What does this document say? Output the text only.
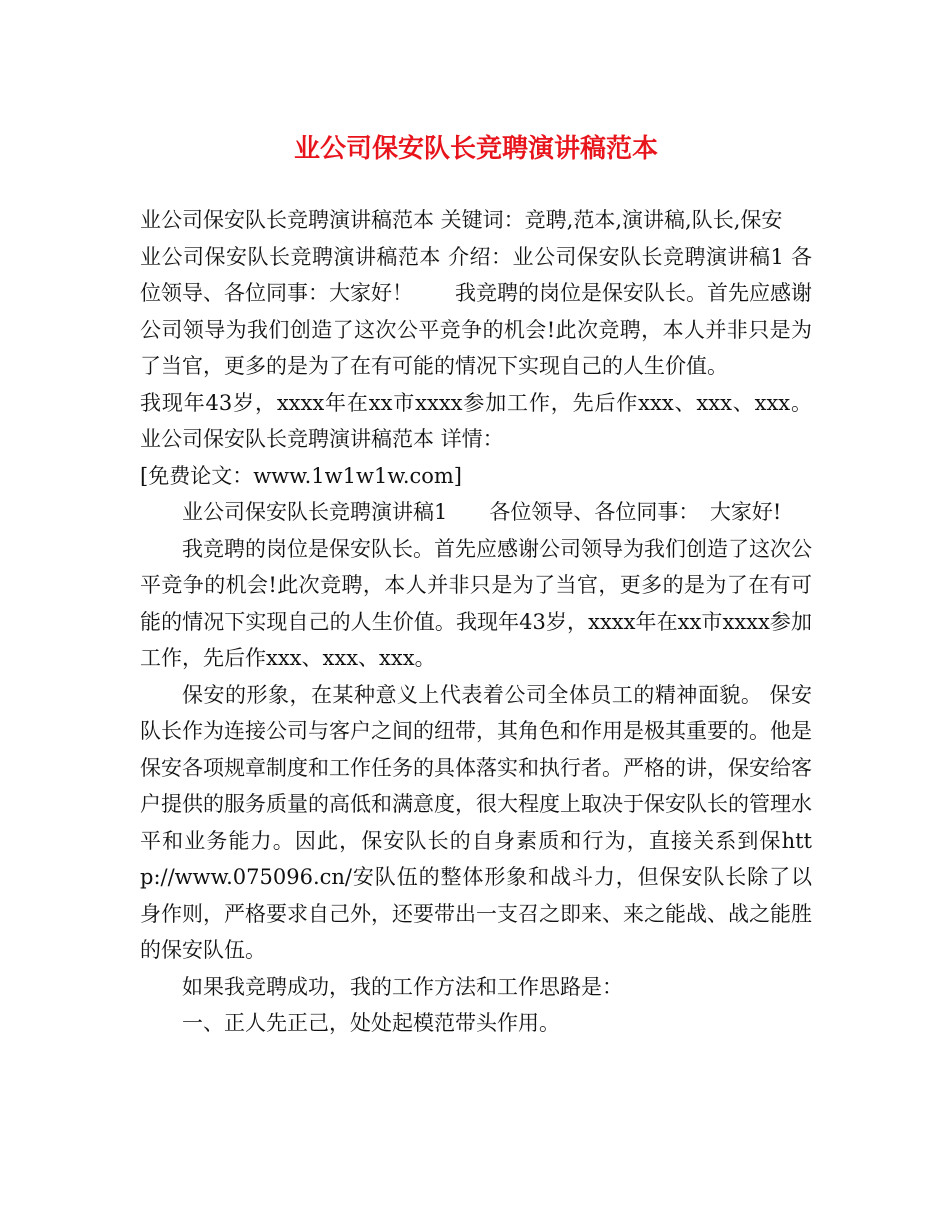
业公司保安队长竞聘演讲稿范本

业公司保安队长竞聘演讲稿范本 关键词：竞聘,范本,演讲稿,队长,保安

业公司保安队长竞聘演讲稿范本 介绍：业公司保安队长竞聘演讲稿1 各位领导、各位同事：大家好！　　我竞聘的岗位是保安队长。首先应感谢公司领导为我们创造了这次公平竞争的机会!此次竞聘，本人并非只是为了当官，更多的是为了在有可能的情况下实现自己的人生价值。

我现年43岁，xxxx年在xx市xxxx参加工作，先后作xxx、xxx、xxx。

业公司保安队长竞聘演讲稿范本 详情：

[免费论文：www.1w1w1w.com]

业公司保安队长竞聘演讲稿1　　各位领导、各位同事：　大家好!

我竞聘的岗位是保安队长。首先应感谢公司领导为我们创造了这次公平竞争的机会!此次竞聘，本人并非只是为了当官，更多的是为了在有可能的情况下实现自己的人生价值。我现年43岁，xxxx年在xx市xxxx参加工作，先后作xxx、xxx、xxx。

保安的形象，在某种意义上代表着公司全体员工的精神面貌。 保安队长作为连接公司与客户之间的纽带，其角色和作用是极其重要的。他是保安各项规章制度和工作任务的具体落实和执行者。严格的讲，保安给客户提供的服务质量的高低和满意度，很大程度上取决于保安队长的管理水平和业务能力。因此，保安队长的自身素质和行为，直接关系到保http://www.075096.cn/安队伍的整体形象和战斗力，但保安队长除了以身作则，严格要求自己外，还要带出一支召之即来、来之能战、战之能胜的保安队伍。

如果我竞聘成功，我的工作方法和工作思路是：

一、正人先正己，处处起模范带头作用。
